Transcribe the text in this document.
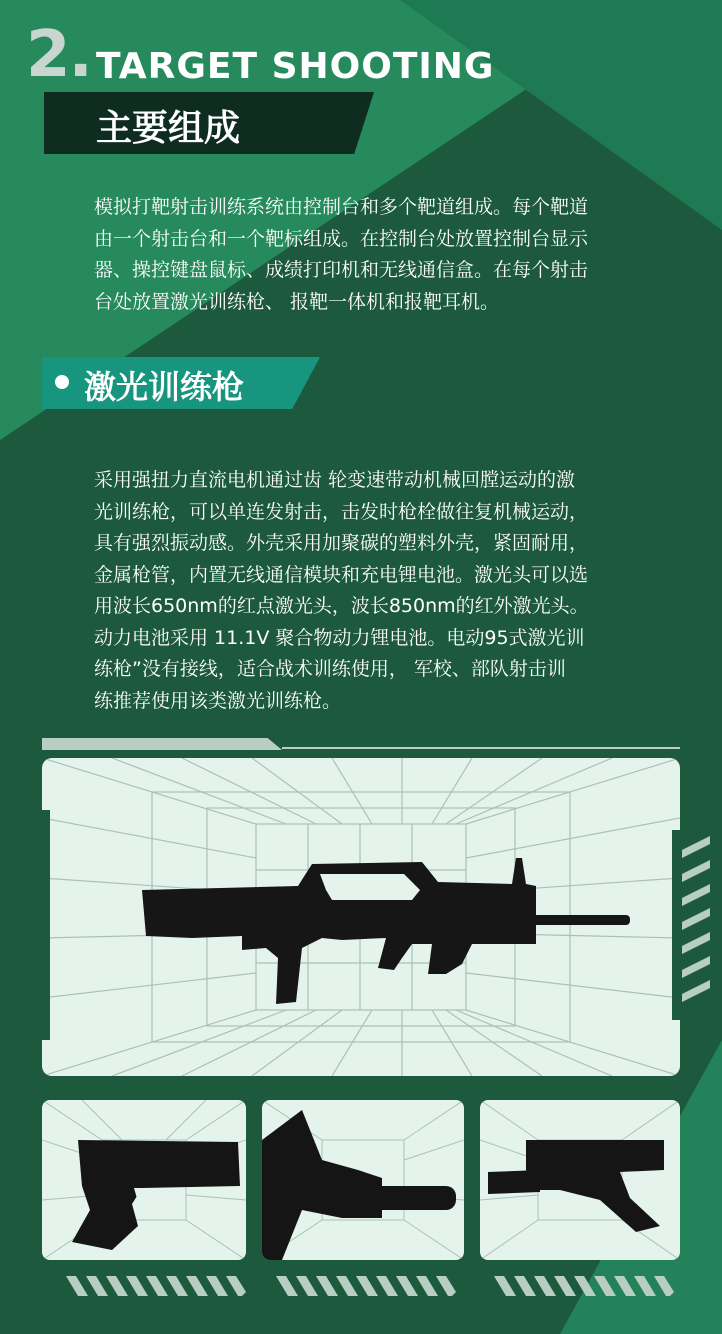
2. TARGET SHOOTING
主要组成
模拟打靶射击训练系统由控制台和多个靶道组成。每个靶道
由一个射击台和一个靶标组成。在控制台处放置控制台显示
器、操控键盘鼠标、成绩打印机和无线通信盒。在每个射击
台处放置激光训练枪、 报靶一体机和报靶耳机。
激光训练枪
采用强扭力直流电机通过齿 轮变速带动机械回膛运动的激
光训练枪，可以单连发射击，击发时枪栓做往复机械运动，
具有强烈振动感。外壳采用加聚碳的塑料外壳，紧固耐用，
金属枪管，内置无线通信模块和充电锂电池。激光头可以选
用波长650nm的红点激光头，波长850nm的红外激光头。
动力电池采用 11.1V 聚合物动力锂电池。电动95式激光训
练枪”没有接线，适合战术训练使用， 军校、部队射击训
练推荐使用该类激光训练枪。
